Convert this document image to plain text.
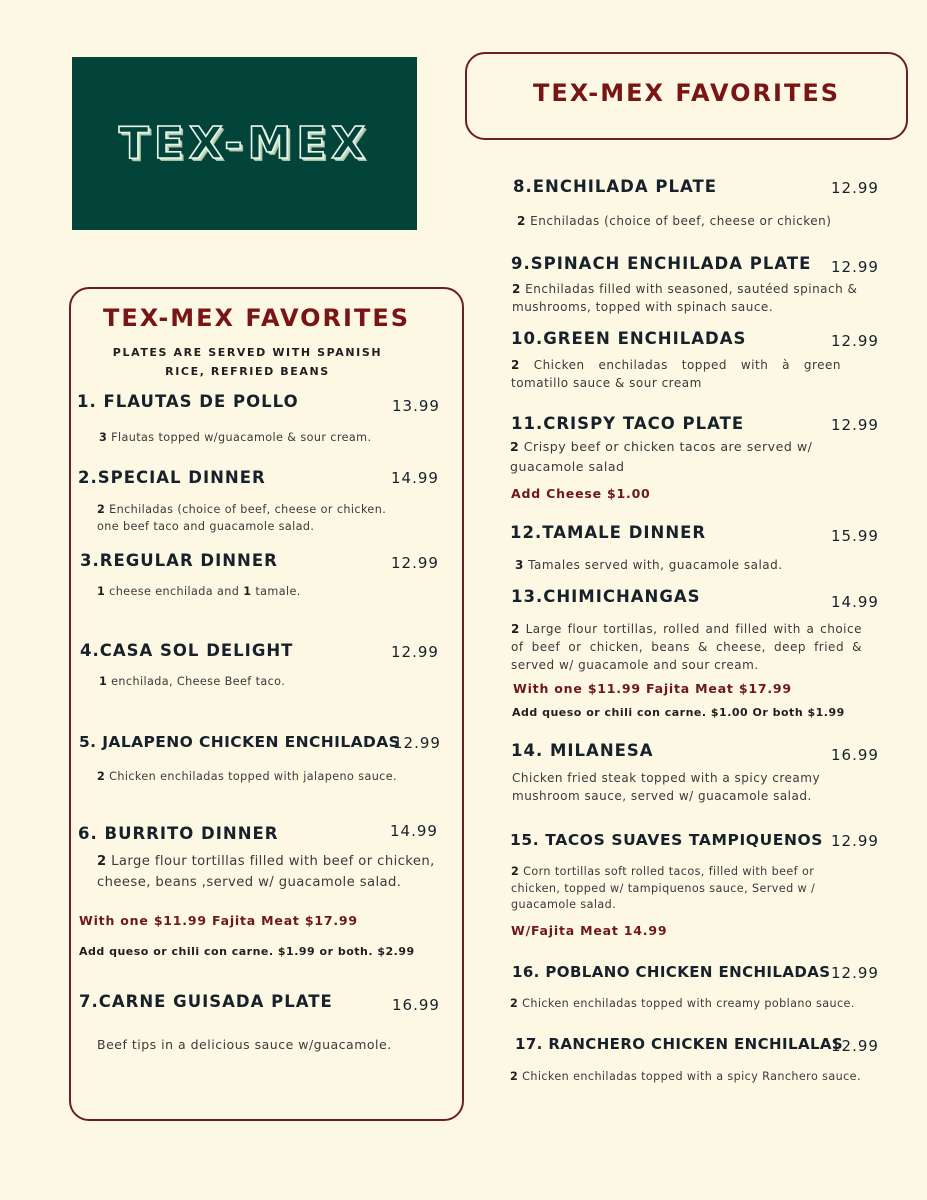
TEX-MEX
TEX-MEX FAVORITES
TEX-MEX FAVORITES
PLATES ARE SERVED WITH SPANISH RICE, REFRIED BEANS
1. FLAUTAS DE POLLO	13.99
3 Flautas topped w/guacamole & sour cream.
2.SPECIAL DINNER	14.99
2 Enchiladas (choice of beef, cheese or chicken. one beef taco and guacamole salad.
3.REGULAR DINNER	12.99
1 cheese enchilada and 1 tamale.
4.CASA SOL DELIGHT	12.99
1 enchilada, Cheese Beef taco.
5. JALAPENO CHICKEN ENCHILADAS
12.99
2 Chicken enchiladas topped with jalapeno sauce.
6. BURRITO DINNER	14.99
2 Large flour tortillas filled with beef or chicken, cheese, beans ,served w/ guacamole salad.
With one $11.99 Fajita Meat $17.99
Add queso or chili con carne. $1.99 or both. $2.99
7.CARNE GUISADA PLATE	16.99
Beef tips in a delicious sauce w/guacamole.
8.ENCHILADA PLATE	12.99
2 Enchiladas (choice of beef, cheese or chicken)
9.SPINACH ENCHILADA PLATE 12.99
2 Enchiladas filled with seasoned, sautéed spinach & mushrooms, topped with spinach sauce.
10.GREEN ENCHILADAS	12.99
2 Chicken enchiladas topped with à green tomatillo sauce & sour cream
11.CRISPY TACO PLATE	12.99
2 Crispy beef or chicken tacos are served w/ guacamole salad
Add Cheese $1.00
12.TAMALE DINNER	15.99
3 Tamales served with, guacamole salad.
13.CHIMICHANGAS	14.99
2 Large flour tortillas, rolled and filled with a choice of beef or chicken, beans & cheese, deep fried & served w/ guacamole and sour cream.
With one $11.99 Fajita Meat $17.99
Add queso or chili con carne. $1.00 Or both $1.99
14. MILANESA	16.99
Chicken fried steak topped with a spicy creamy mushroom sauce, served w/ guacamole salad.
15. TACOS SUAVES TAMPIQUENOS 12.99
2 Corn tortillas soft rolled tacos, filled with beef or chicken, topped w/ tampiquenos sauce, Served w / guacamole salad.
W/Fajita Meat 14.99
16. POBLANO CHICKEN ENCHILADAS 12.99
2 Chicken enchiladas topped with creamy poblano sauce.
17. RANCHERO CHICKEN ENCHILALAS
12.99
2 Chicken enchiladas topped with a spicy Ranchero sauce.
